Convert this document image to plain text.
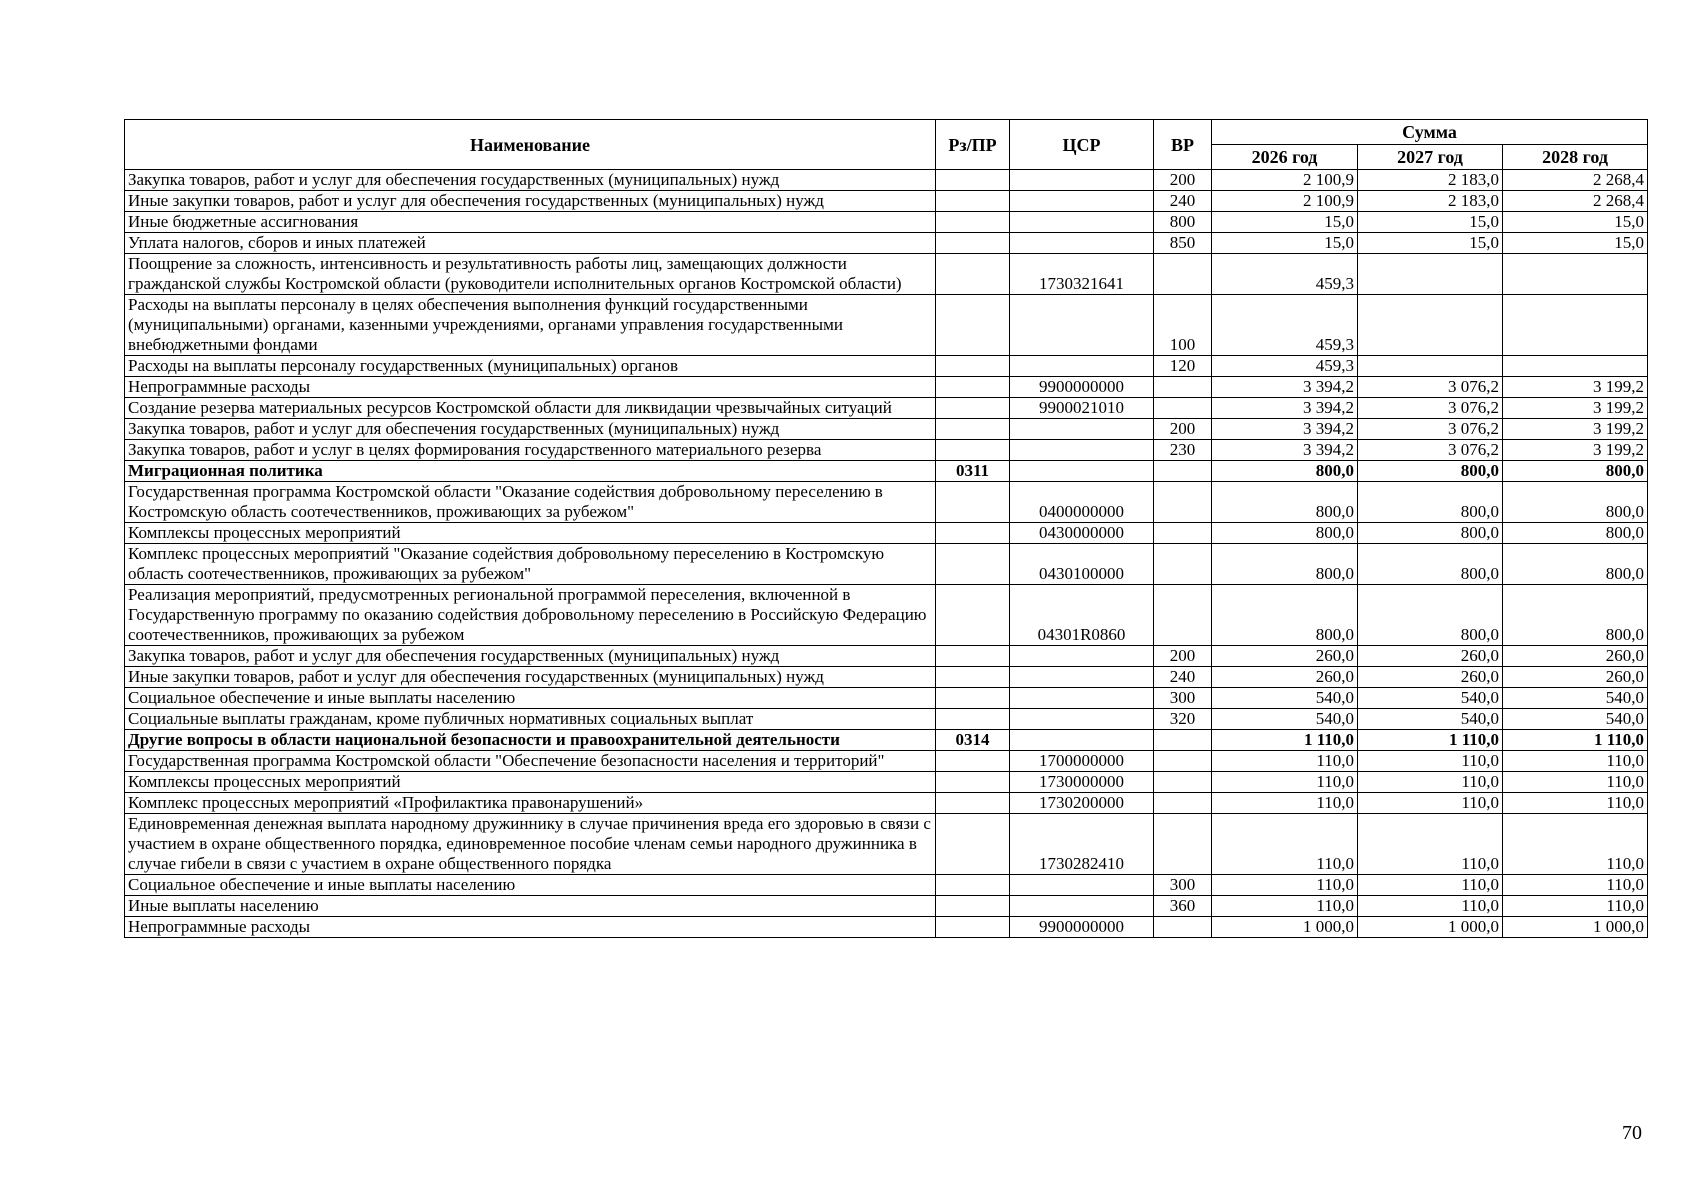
Наименование	Рз/ПР	ЦСР	ВР	Сумма		
				2026 год	2027 год	2028 год
Закупка товаров, работ и услуг для обеспечения государственных (муниципальных) нужд			200	2 100,9	2 183,0	2 268,4
Иные закупки товаров, работ и услуг для обеспечения государственных (муниципальных) нужд			240	2 100,9	2 183,0	2 268,4
Иные бюджетные ассигнования			800	15,0	15,0	15,0
Уплата налогов, сборов и иных платежей			850	15,0	15,0	15,0
Поощрение за сложность, интенсивность и результативность работы лиц, замещающих должности гражданской службы Костромской области (руководители исполнительных органов Костромской области)		1730321641		459,3		
Расходы на выплаты персоналу в целях обеспечения выполнения функций государственными (муниципальными) органами, казенными учреждениями, органами управления государственными внебюджетными фондами			100	459,3		
Расходы на выплаты персоналу государственных (муниципальных) органов			120	459,3		
Непрограммные расходы		9900000000		3 394,2	3 076,2	3 199,2
Создание резерва материальных ресурсов Костромской области для ликвидации чрезвычайных ситуаций		9900021010		3 394,2	3 076,2	3 199,2
Закупка товаров, работ и услуг для обеспечения государственных (муниципальных) нужд			200	3 394,2	3 076,2	3 199,2
Закупка товаров, работ и услуг в целях формирования государственного материального резерва			230	3 394,2	3 076,2	3 199,2
Миграционная политика	0311			800,0	800,0	800,0
Государственная программа Костромской области "Оказание содействия добровольному переселению в Костромскую область соотечественников, проживающих за рубежом"		0400000000		800,0	800,0	800,0
Комплексы процессных мероприятий		0430000000		800,0	800,0	800,0
Комплекс процессных мероприятий "Оказание содействия добровольному переселению в Костромскую область соотечественников, проживающих за рубежом"		0430100000		800,0	800,0	800,0
Реализация мероприятий, предусмотренных региональной программой переселения, включенной в Государственную программу по оказанию содействия добровольному переселению в Российскую Федерацию соотечественников, проживающих за рубежом		04301R0860		800,0	800,0	800,0
Закупка товаров, работ и услуг для обеспечения государственных (муниципальных) нужд			200	260,0	260,0	260,0
Иные закупки товаров, работ и услуг для обеспечения государственных (муниципальных) нужд			240	260,0	260,0	260,0
Социальное обеспечение и иные выплаты населению			300	540,0	540,0	540,0
Социальные выплаты гражданам, кроме публичных нормативных социальных выплат			320	540,0	540,0	540,0
Другие вопросы в области национальной безопасности и правоохранительной деятельности	0314			1 110,0	1 110,0	1 110,0
Государственная программа Костромской области "Обеспечение безопасности населения и территорий"		1700000000		110,0	110,0	110,0
Комплексы процессных мероприятий		1730000000		110,0	110,0	110,0
Комплекс процессных мероприятий «Профилактика правонарушений»		1730200000		110,0	110,0	110,0
Единовременная денежная выплата народному дружиннику в случае причинения вреда его здоровью в связи с участием в охране общественного порядка, единовременное пособие членам семьи народного дружинника в случае гибели в связи с участием в охране общественного порядка		1730282410		110,0	110,0	110,0
Социальное обеспечение и иные выплаты населению			300	110,0	110,0	110,0
Иные выплаты населению			360	110,0	110,0	110,0
Непрограммные расходы		9900000000		1 000,0	1 000,0	1 000,0
70
